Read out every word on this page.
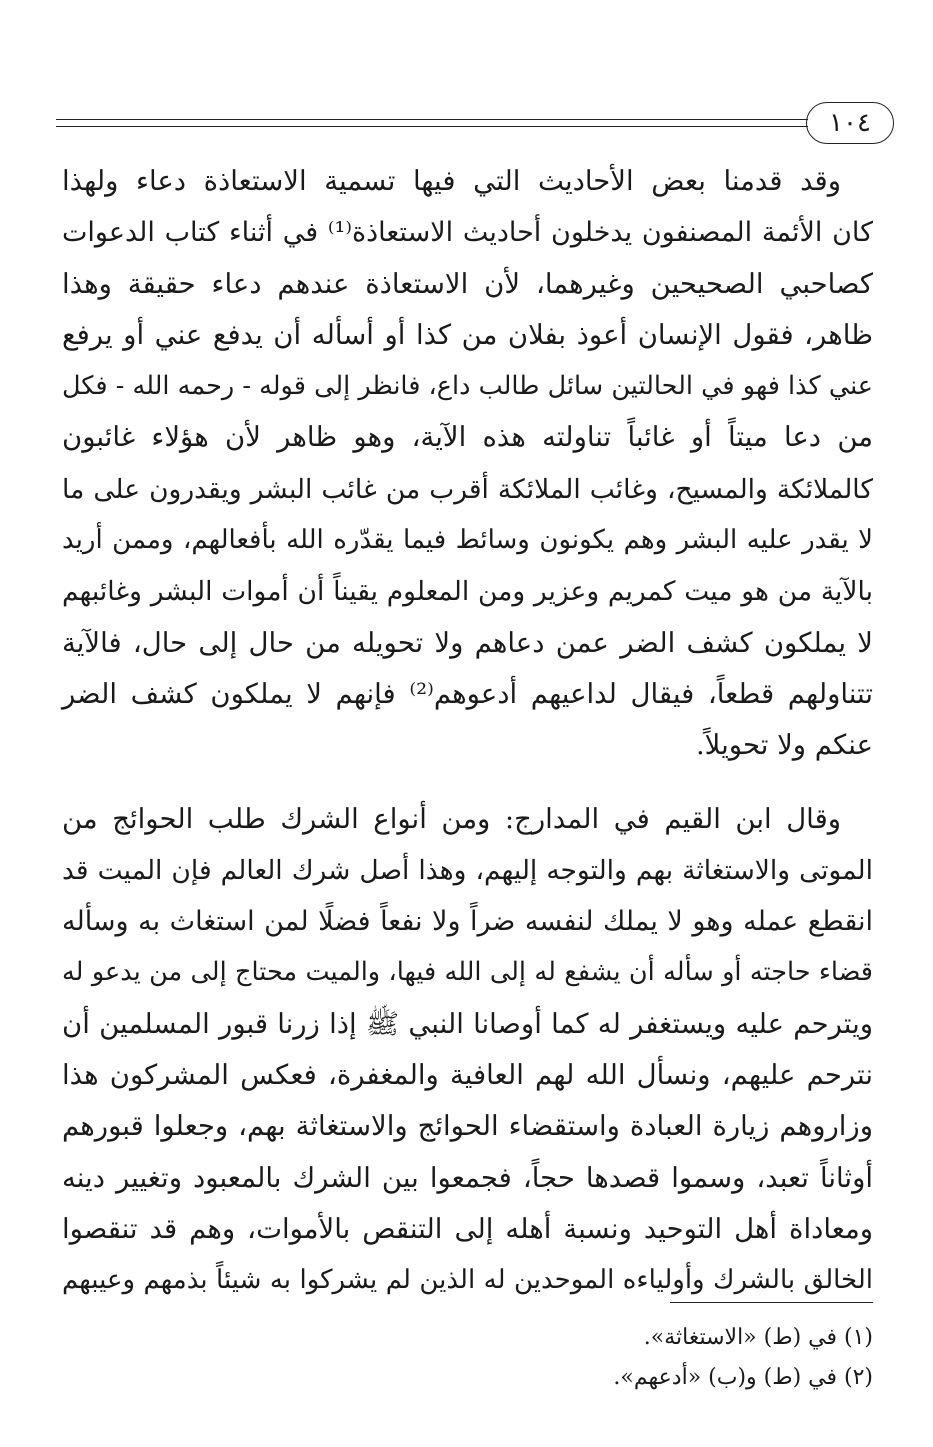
١٠٤
وقد قدمنا بعض الأحاديث التي فيها تسمية الاستعاذة دعاء ولهذا
كان الأئمة المصنفون يدخلون أحاديث الاستعاذة⁽¹⁾ في أثناء كتاب الدعوات
كصاحبي الصحيحين وغيرهما، لأن الاستعاذة عندهم دعاء حقيقة وهذا
ظاهر، فقول الإنسان أعوذ بفلان من كذا أو أسأله أن يدفع عني أو يرفع
عني كذا فهو في الحالتين سائل طالب داع، فانظر إلى قوله - رحمه الله - فكل
من دعا ميتاً أو غائباً تناولته هذه الآية، وهو ظاهر لأن هؤلاء غائبون
كالملائكة والمسيح، وغائب الملائكة أقرب من غائب البشر ويقدرون على ما
لا يقدر عليه البشر وهم يكونون وسائط فيما يقدّره الله بأفعالهم، وممن أريد
بالآية من هو ميت كمريم وعزير ومن المعلوم يقيناً أن أموات البشر وغائبهم
لا يملكون كشف الضر عمن دعاهم ولا تحويله من حال إلى حال، فالآية
تتناولهم قطعاً، فيقال لداعيهم أدعوهم⁽²⁾ فإنهم لا يملكون كشف الضر
عنكم ولا تحويلاً.
وقال ابن القيم في المدارج: ومن أنواع الشرك طلب الحوائج من
الموتى والاستغاثة بهم والتوجه إليهم، وهذا أصل شرك العالم فإن الميت قد
انقطع عمله وهو لا يملك لنفسه ضراً ولا نفعاً فضلًا لمن استغاث به وسأله
قضاء حاجته أو سأله أن يشفع له إلى الله فيها، والميت محتاج إلى من يدعو له
ويترحم عليه ويستغفر له كما أوصانا النبي ﷺ إذا زرنا قبور المسلمين أن
نترحم عليهم، ونسأل الله لهم العافية والمغفرة، فعكس المشركون هذا
وزاروهم زيارة العبادة واستقضاء الحوائج والاستغاثة بهم، وجعلوا قبورهم
أوثاناً تعبد، وسموا قصدها حجاً، فجمعوا بين الشرك بالمعبود وتغيير دينه
ومعاداة أهل التوحيد ونسبة أهله إلى التنقص بالأموات، وهم قد تنقصوا
الخالق بالشرك وأولياءه الموحدين له الذين لم يشركوا به شيئاً بذمهم وعيبهم
(١) في (ط) «الاستغاثة».
(٢) في (ط) و(ب) «أدعهم».
